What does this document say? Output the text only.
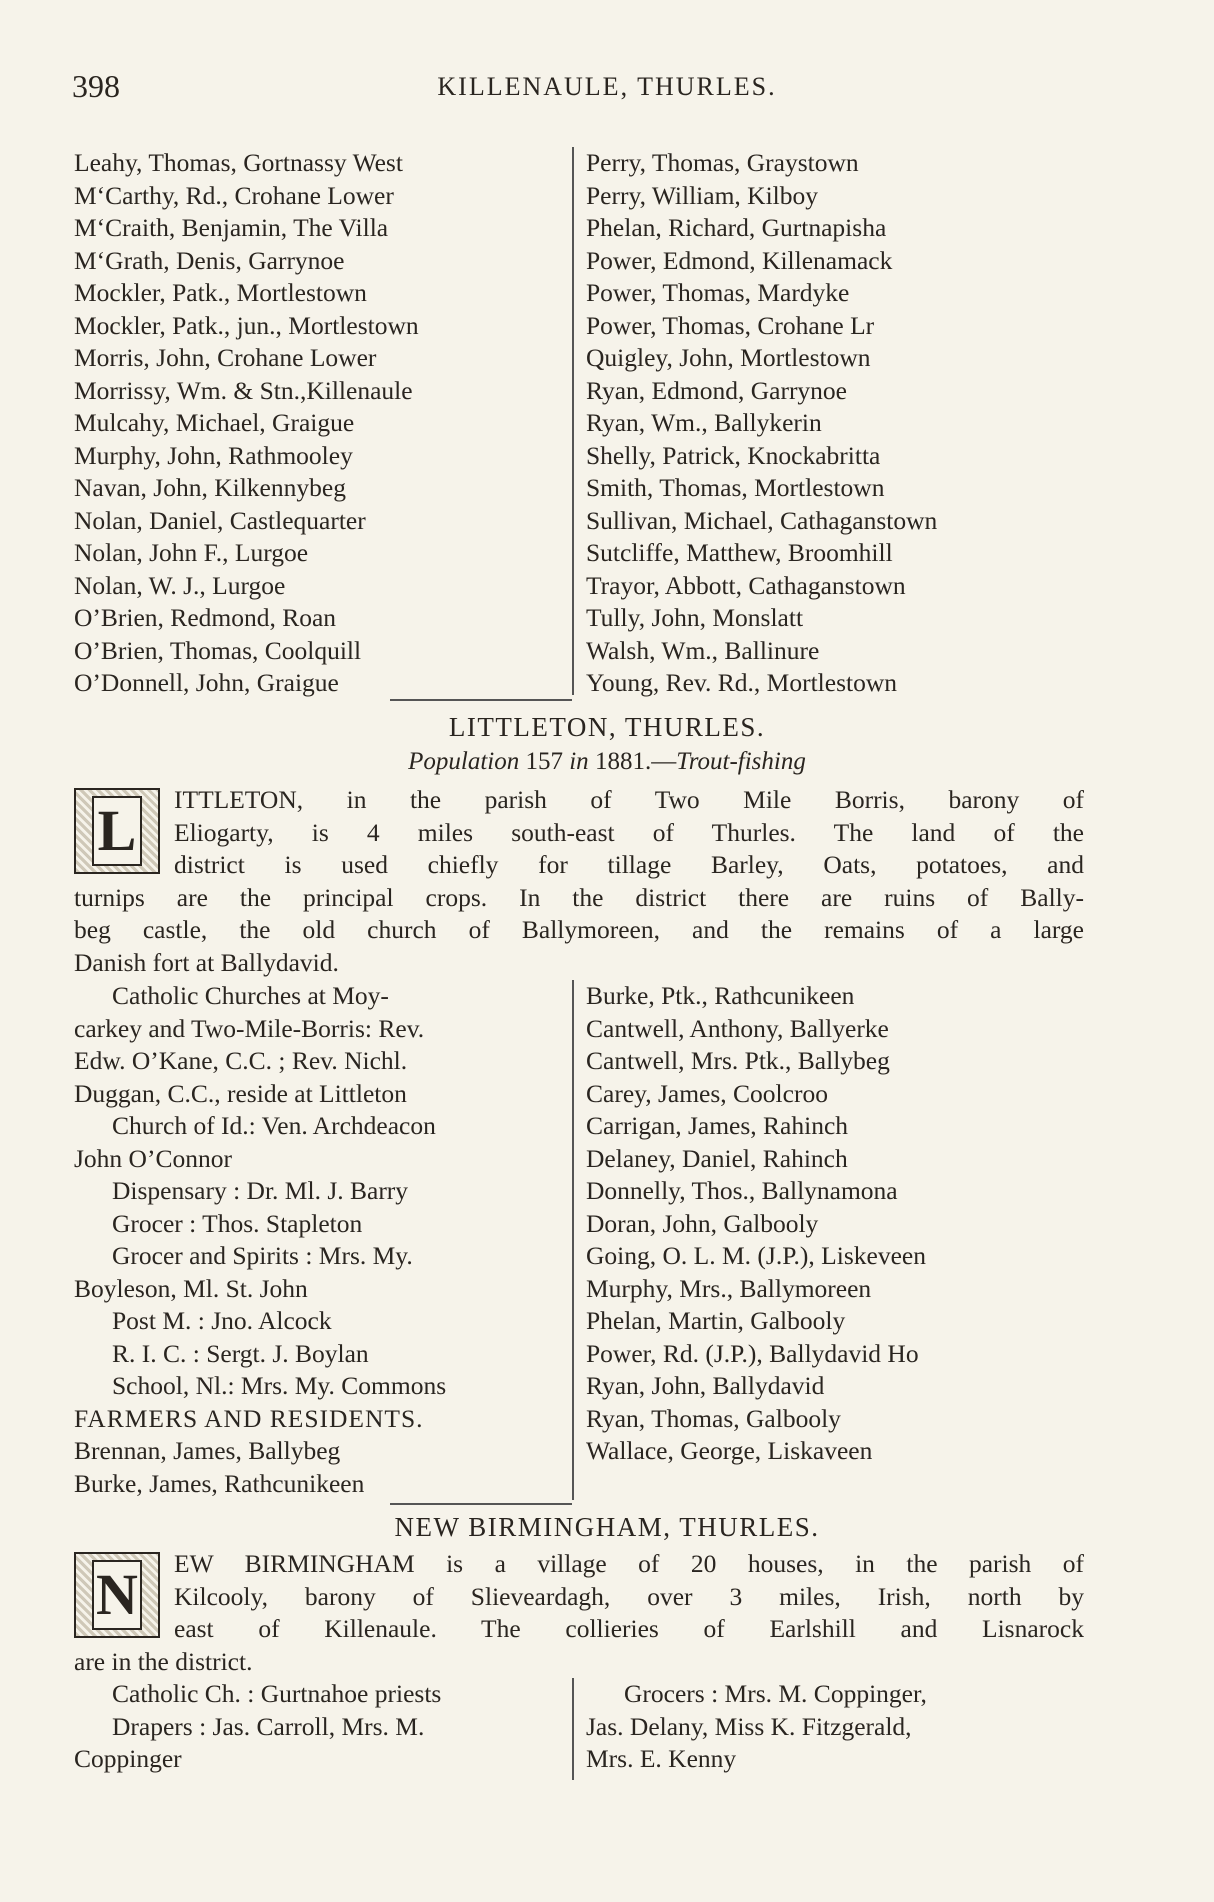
398	KILLENAULE, THURLES.
Leahy, Thomas, Gortnassy West
M‘Carthy, Rd., Crohane Lower
M‘Craith, Benjamin, The Villa
M‘Grath, Denis, Garrynoe
Mockler, Patk., Mortlestown
Mockler, Patk., jun., Mortlestown
Morris, John, Crohane Lower
Morrissy, Wm. & Stn.,Killenaule
Mulcahy, Michael, Graigue
Murphy, John, Rathmooley
Navan, John, Kilkennybeg
Nolan, Daniel, Castlequarter
Nolan, John F., Lurgoe
Nolan, W. J., Lurgoe
O’Brien, Redmond, Roan
O’Brien, Thomas, Coolquill
O’Donnell, John, Graigue
Perry, Thomas, Graystown
Perry, William, Kilboy
Phelan, Richard, Gurtnapisha
Power, Edmond, Killenamack
Power, Thomas, Mardyke
Power, Thomas, Crohane Lr
Quigley, John, Mortlestown
Ryan, Edmond, Garrynoe
Ryan, Wm., Ballykerin
Shelly, Patrick, Knockabritta
Smith, Thomas, Mortlestown
Sullivan, Michael, Cathaganstown
Sutcliffe, Matthew, Broomhill
Trayor, Abbott, Cathaganstown
Tully, John, Monslatt
Walsh, Wm., Ballinure
Young, Rev. Rd., Mortlestown
LITTLETON, THURLES.
Population 157 in 1881.—Trout-fishing
L	ITTLETON, in the parish of Two Mile Borris, barony of
Eliogarty, is 4 miles south-east of Thurles. The land of the
district is used chiefly for tillage Barley, Oats, potatoes, and
turnips are the principal crops. In the district there are ruins of Bally-
beg castle, the old church of Ballymoreen, and the remains of a large
Danish fort at Ballydavid.
Catholic Churches at Moy-
carkey and Two-Mile-Borris: Rev.
Edw. O’Kane, C.C. ; Rev. Nichl.
Duggan, C.C., reside at Littleton
Church of Id.: Ven. Archdeacon
John O’Connor
Dispensary : Dr. Ml. J. Barry
Grocer : Thos. Stapleton
Grocer and Spirits : Mrs. My.
Boyleson, Ml. St. John
Post M. : Jno. Alcock
R. I. C. : Sergt. J. Boylan
School, Nl.: Mrs. My. Commons
FARMERS AND RESIDENTS.
Brennan, James, Ballybeg
Burke, James, Rathcunikeen
Burke, Ptk., Rathcunikeen
Cantwell, Anthony, Ballyerke
Cantwell, Mrs. Ptk., Ballybeg
Carey, James, Coolcroo
Carrigan, James, Rahinch
Delaney, Daniel, Rahinch
Donnelly, Thos., Ballynamona
Doran, John, Galbooly
Going, O. L. M. (J.P.), Liskeveen
Murphy, Mrs., Ballymoreen
Phelan, Martin, Galbooly
Power, Rd. (J.P.), Ballydavid Ho
Ryan, John, Ballydavid
Ryan, Thomas, Galbooly
Wallace, George, Liskaveen
NEW BIRMINGHAM, THURLES.
N	EW BIRMINGHAM is a village of 20 houses, in the parish of
Kilcooly, barony of Slieveardagh, over 3 miles, Irish, north by
east of Killenaule. The collieries of Earlshill and Lisnarock
are in the district.
Catholic Ch. : Gurtnahoe priests
Drapers : Jas. Carroll, Mrs. M.
Coppinger
Grocers : Mrs. M. Coppinger,
Jas. Delany, Miss K. Fitzgerald,
Mrs. E. Kenny
